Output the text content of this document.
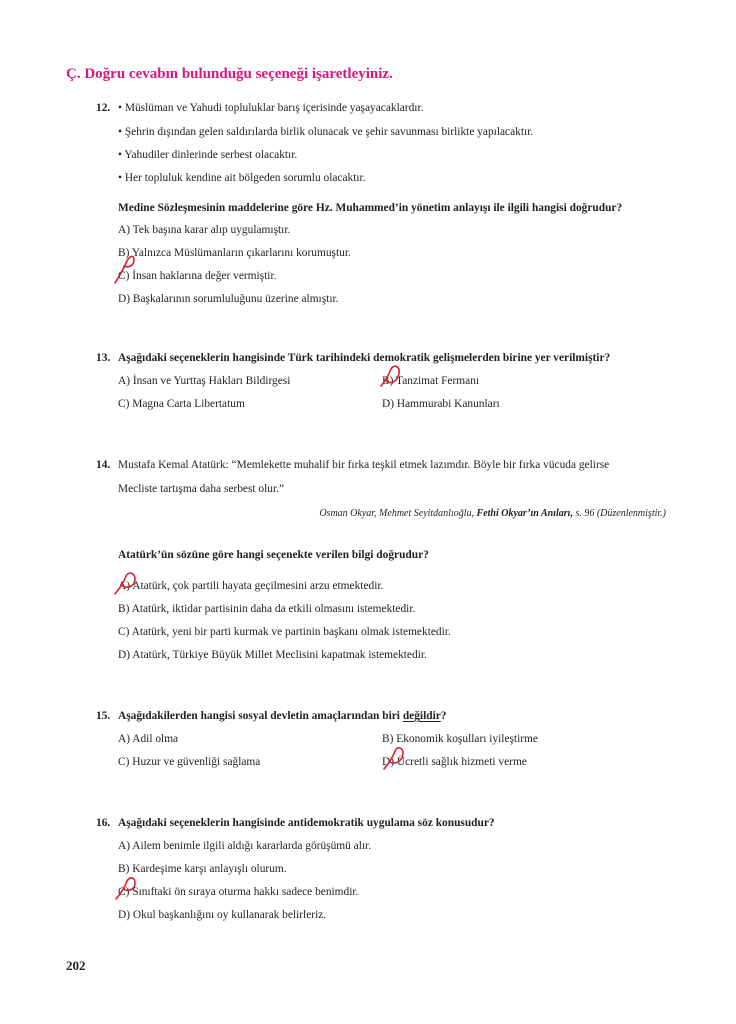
Ç. Doğru cevabın bulunduğu seçeneği işaretleyiniz.
12. • Müslüman ve Yahudi topluluklar barış içerisinde yaşayacaklardır.
• Şehrin dışından gelen saldırılarda birlik olunacak ve şehir savunması birlikte yapılacaktır.
• Yahudiler dinlerinde serbest olacaktır.
• Her topluluk kendine ait bölgeden sorumlu olacaktır.
Medine Sözleşmesinin maddelerine göre Hz. Muhammed’in yönetim anlayışı ile ilgili hangisi doğrudur?
A) Tek başına karar alıp uygulamıştır.
B) Yalnızca Müslümanların çıkarlarını korumuştur.
C) İnsan haklarına değer vermiştir.
D) Başkalarının sorumluluğunu üzerine almıştır.
13. Aşağıdaki seçeneklerin hangisinde Türk tarihindeki demokratik gelişmelerden birine yer verilmiştir?
A) İnsan ve Yurttaş Hakları Bildirgesi	B) Tanzimat Fermanı
C) Magna Carta Libertatum	D) Hammurabi Kanunları
14. Mustafa Kemal Atatürk: “Memlekette muhalif bir fırka teşkil etmek lazımdır. Böyle bir fırka vücuda gelirse
Mecliste tartışma daha serbest olur.”
Osman Okyar, Mehmet Seyitdanlıoğlu, Fethi Okyar’ın Anıları, s. 96 (Düzenlenmiştir.)
Atatürk’ün sözüne göre hangi seçenekte verilen bilgi doğrudur?
A) Atatürk, çok partili hayata geçilmesini arzu etmektedir.
B) Atatürk, iktidar partisinin daha da etkili olmasını istemektedir.
C) Atatürk, yeni bir parti kurmak ve partinin başkanı olmak istemektedir.
D) Atatürk, Türkiye Büyük Millet Meclisini kapatmak istemektedir.
15. Aşağıdakilerden hangisi sosyal devletin amaçlarından biri değildir?
A) Adil olma	B) Ekonomik koşulları iyileştirme
C) Huzur ve güvenliği sağlama	D) Ücretli sağlık hizmeti verme
16. Aşağıdaki seçeneklerin hangisinde antidemokratik uygulama söz konusudur?
A) Ailem benimle ilgili aldığı kararlarda görüşümü alır.
B) Kardeşime karşı anlayışlı olurum.
C) Sınıftaki ön sıraya oturma hakkı sadece benimdir.
D) Okul başkanlığını oy kullanarak belirleriz.
202
